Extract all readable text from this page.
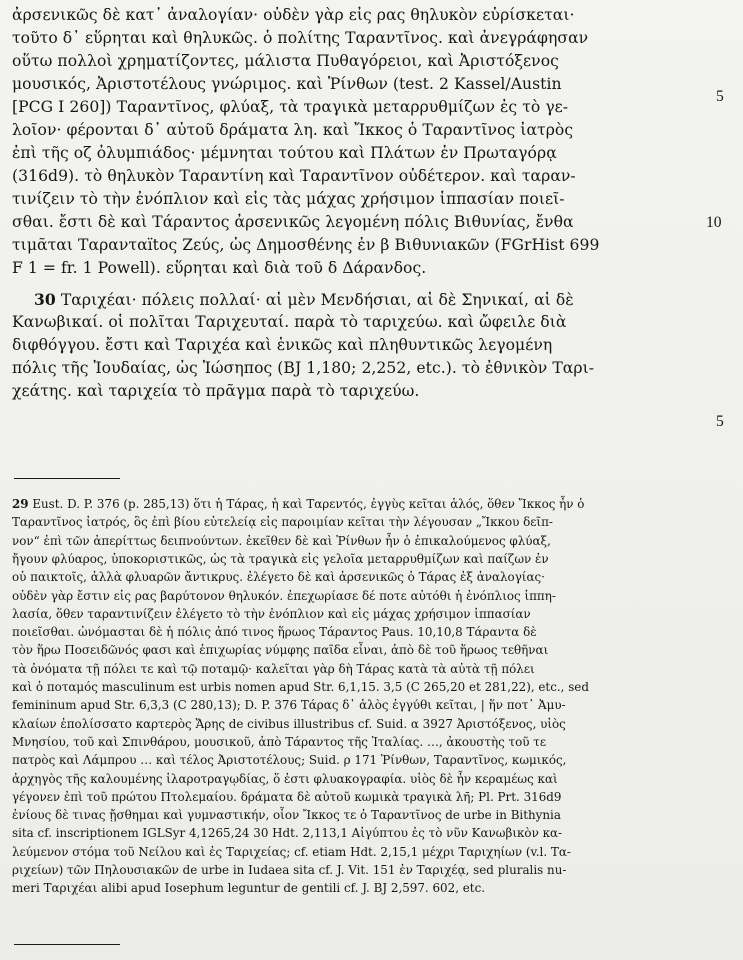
ἀρσενικῶς δὲ κατ᾽ ἀναλογίαν· οὐδὲν γὰρ εἰς ρας θηλυκὸν εὑρίσκεται·
τοῦτο δ᾽ εὕρηται καὶ θηλυκῶς. ὁ πολίτης Ταραντῖνος. καὶ ἀνεγράφησαν
οὕτω πολλοὶ χρηματίζοντες, μάλιστα Πυθαγόρειοι, καὶ Ἀριστόξενος
μουσικός, Ἀριστοτέλους γνώριμος. καὶ Ῥίνθων (test. 2 Kassel/Austin
[PCG I 260]) Ταραντῖνος, φλύαξ, τὰ τραγικὰ μεταρρυθμίζων ἐς τὸ γε-
λοῖον· φέρονται δ᾽ αὐτοῦ δράματα λη. καὶ Ἴκκος ὁ Ταραντῖνος ἰατρὸς
ἐπὶ τῆς οζ ὀλυμπιάδος· μέμνηται τούτου καὶ Πλάτων ἐν Πρωταγόρᾳ
(316d9). τὸ θηλυκὸν Ταραντίνη καὶ Ταραντῖνον οὐδέτερον. καὶ ταραν-
τινίζειν τὸ τὴν ἐνόπλιον καὶ εἰς τὰς μάχας χρήσιμον ἱππασίαν ποιεῖ-
σθαι. ἔστι δὲ καὶ Τάραντος ἀρσενικῶς λεγομένη πόλις Βιθυνίας, ἔνθα
τιμᾶται Ταρανταïtος Ζεύς, ὡς Δημοσθένης ἐν β Βιθυνιακῶν (FGrHist 699
F 1 = fr. 1 Powell). εὕρηται καὶ διὰ τοῦ δ Δάρανδος.
30 Ταριχέαι· πόλεις πολλαί· αἱ μὲν Μενδήσιαι, αἱ δὲ Σηνικαί, αἱ δὲ
Κανωβικαί. οἱ πολῖται Ταριχευταί. παρὰ τὸ ταριχεύω. καὶ ὤφειλε διὰ
διφθόγγου. ἔστι καὶ Ταριχέα καὶ ἑνικῶς καὶ πληθυντικῶς λεγομένη
πόλις τῆς Ἰουδαίας, ὡς Ἰώσηπος (BJ 1,180; 2,252, etc.). τὸ ἐθνικὸν Ταρι-
χεάτης. καὶ ταριχεία τὸ πρᾶγμα παρὰ τὸ ταριχεύω.
5
10
5
29 Eust. D. P. 376 (p. 285,13) ὅτι ἡ Τάρας, ἡ καὶ Ταρεντός, ἐγγὺς κεῖται ἁλός, ὅθεν Ἴκκος ἦν ὁ
Ταραντῖνος ἰατρός, ὃς ἐπὶ βίου εὐτελείᾳ εἰς παροιμίαν κεῖται τὴν λέγουσαν „Ἴκκου δεῖπ-
νον“ ἐπὶ τῶν ἀπερίττως δειπνούντων. ἐκεῖθεν δὲ καὶ Ῥίνθων ἦν ὁ ἐπικαλούμενος φλύαξ,
ἤγουν φλύαρος, ὑποκοριστικῶς, ὡς τὰ τραγικὰ εἰς γελοῖα μεταρρυθμίζων καὶ παίζων ἐν
οὐ παικτοῖς, ἀλλὰ φλυαρῶν ἄντικρυς. ἐλέγετο δὲ καὶ ἀρσενικῶς ὁ Τάρας ἐξ ἀναλογίας·
οὐδὲν γὰρ ἔστιν εἰς ρας βαρύτονον θηλυκόν. ἐπεχωρίασε δέ ποτε αὐτόθι ἡ ἐνόπλιος ἱππη-
λασία, ὅθεν ταραντινίζειν ἐλέγετο τὸ τὴν ἐνόπλιον καὶ εἰς μάχας χρήσιμον ἱππασίαν
ποιεῖσθαι. ὠνόμασται δὲ ἡ πόλις ἀπό τινος ἥρωος Τάραντος Paus. 10,10,8 Τάραντα δὲ
τὸν ἥρω Ποσειδῶνός φασι καὶ ἐπιχωρίας νύμφης παῖδα εἶναι, ἀπὸ δὲ τοῦ ἥρωος τεθῆναι
τὰ ὀνόματα τῇ πόλει τε καὶ τῷ ποταμῷ· καλεῖται γὰρ δὴ Τάρας κατὰ τὰ αὐτὰ τῇ πόλει
καὶ ὁ ποταμός masculinum est urbis nomen apud Str. 6,1,15. 3,5 (C 265,20 et 281,22), etc., sed
femininum apud Str. 6,3,3 (C 280,13); D. P. 376 Τάρας δ᾽ ἁλὸς ἐγγύθι κεῖται, | ἥν ποτ᾽ Ἀμυ-
κλαίων ἐπολίσσατο καρτερὸς Ἄρης de civibus illustribus cf. Suid. α 3927 Ἀριστόξενος, υἱὸς
Μνησίου, τοῦ καὶ Σπινθάρου, μουσικοῦ, ἀπὸ Τάραντος τῆς Ἰταλίας. …, ἀκουστὴς τοῦ τε
πατρὸς καὶ Λάμπρου … καὶ τέλος Ἀριστοτέλους; Suid. ρ 171 Ῥίνθων, Ταραντῖνος, κωμικός,
ἀρχηγὸς τῆς καλουμένης ἱλαροτραγῳδίας, ὅ ἐστι φλυακογραφία. υἱὸς δὲ ἦν κεραμέως καὶ
γέγονεν ἐπὶ τοῦ πρώτου Πτολεμαίου. δράματα δὲ αὐτοῦ κωμικὰ τραγικὰ λη̄; Pl. Prt. 316d9
ἐνίους δὲ τινας ᾔσθημαι καὶ γυμναστικήν, οἷον Ἴκκος τε ὁ Ταραντῖνος de urbe in Bithynia
sita cf. inscriptionem IGLSyr 4,1265,24 30 Hdt. 2,113,1 Αἰγύπτου ἐς τὸ νῦν Κανωβικὸν κα-
λεύμενον στόμα τοῦ Νείλου καὶ ἐς Ταριχείας; cf. etiam Hdt. 2,15,1 μέχρι Ταριχηίων (v.l. Τα-
ριχείων) τῶν Πηλουσιακῶν de urbe in Iudaea sita cf. J. Vit. 151 ἐν Ταριχέᾳ, sed pluralis nu-
meri Ταριχέαι alibi apud Iosephum leguntur de gentili cf. J. BJ 2,597. 602, etc.
